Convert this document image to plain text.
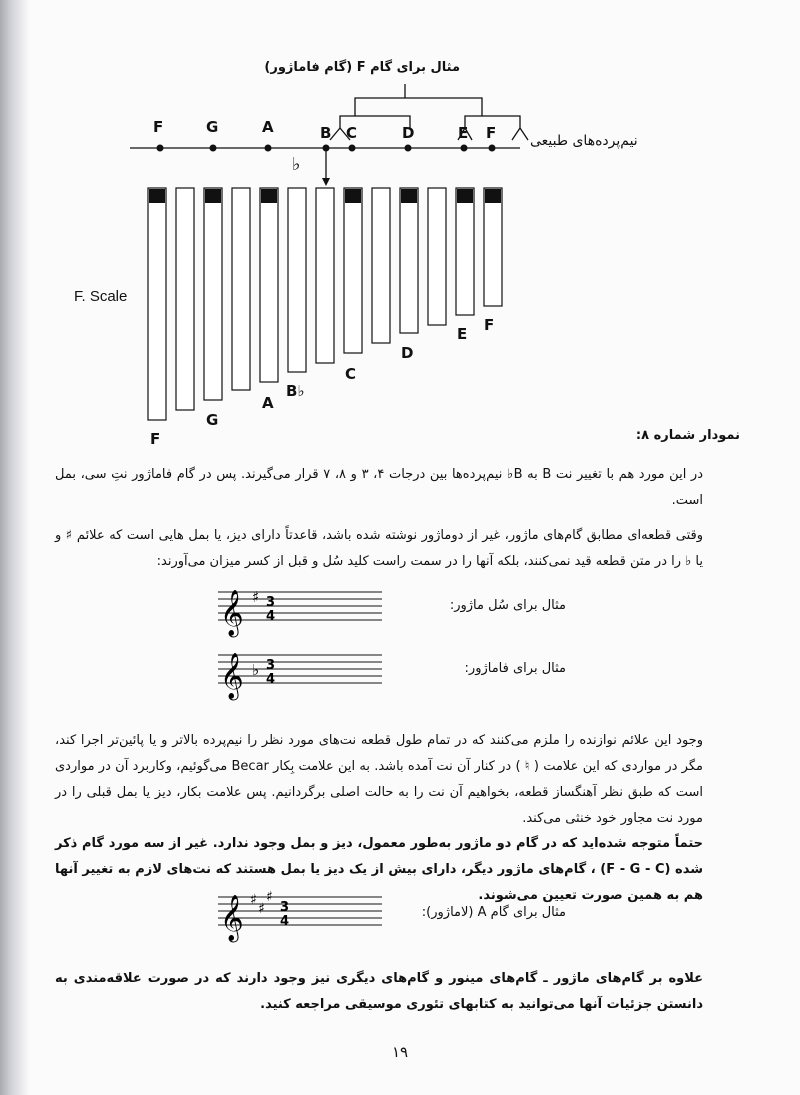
مثال برای گام F (گام فاماژور)
F	G	A	B C	D	E F نیم‌پرده‌های طبیعی
♭
F
G
A
B♭
C
D
E F
F. Scale
نمودار شماره ۸:
در این مورد هم با تغییر نت B به B♭ نیم‌پرده‌ها بین درجات ۴، ۳ و ۸، ۷ قرار می‌گیرند. پس در گام فاماژور نتِ سی، بمل است.
وقتی قطعه‌ای مطابق گام‌های ماژور، غیر از دوماژور نوشته شده باشد، قاعدتاً دارای دیز، یا بمل هایی است که علائم ♯ و یا ♭ را در متن قطعه قید نمی‌کنند، بلکه آنها را در سمت راست کلید سُل و قبل از کسر میزان می‌آورند:
مثال برای سُل ماژور:
مثال برای فاماژور:
مثال برای گام A (لاماژور):
𝄞 ♯ 3
4
𝄞 ♭ 3
4
وجود این علائم نوازنده را ملزم می‌کنند که در تمام طول قطعه نت‌های مورد نظر را نیم‌پرده بالاتر و یا پائین‌تر اجرا کند، مگر در مواردی که این علامت ( ♮ ) در کنار آن نت آمده باشد. به این علامت بِکار Becar می‌گوئیم، وکاربرد آن در مواردی است که طبق نظر آهنگساز قطعه، بخواهیم آن نت را به حالت اصلی برگردانیم. پس علامت بکار، دیز یا بمل قبلی را در مورد نت مجاور خود خنثی می‌کند.
حتماً متوجه شده‌اید که در گام دو ماژور به‌طور معمول، دیز و بمل وجود ندارد. غیر از سه مورد گام ذکر شده (F - G - C) ، گام‌های ماژور دیگر، دارای بیش از یک دیز یا بمل هستند که نت‌های لازم به تغییر آنها هم به همین صورت تعیین می‌شوند.
𝄞 ♯
♯
♯
3
4
علاوه بر گام‌های ماژور ـ گام‌های مینور و گام‌های دیگری نیز وجود دارند که در صورت علاقه‌مندی به دانستن جزئیات آنها می‌توانید به کتابهای تئوری موسیقی مراجعه کنید.
۱۹
